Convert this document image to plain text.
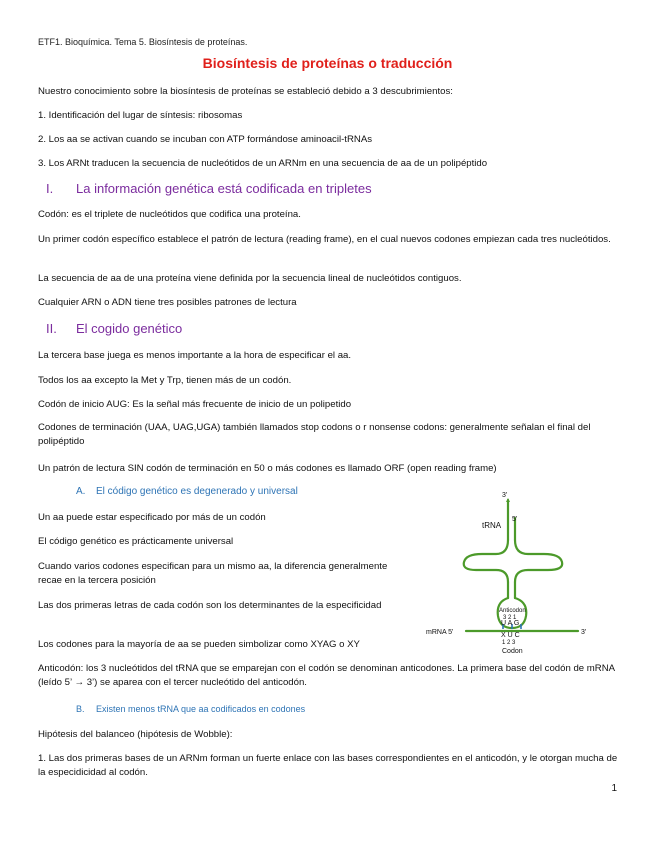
ETF1. Bioquímica. Tema 5. Biosíntesis de proteínas.
Biosíntesis de proteínas o traducción

Nuestro conocimiento sobre la biosíntesis de proteínas se estableció debido a 3 descubrimientos:

1. Identificación del lugar de síntesis: ribosomas

2. Los aa se activan cuando se incuban con ATP formándose aminoacil-tRNAs

3. Los ARNt traducen la secuencia de nucleótidos de un ARNm en una secuencia de aa de un polipéptido

I. La información genética está codificada en tripletes

Codón: es el triplete de nucleótidos que codifica una proteína.

Un primer codón específico establece el patrón de lectura (reading frame), en el cual nuevos codones empiezan cada tres nucleótidos.

La secuencia de aa de una proteína viene definida por la secuencia lineal de nucleótidos contiguos.

Cualquier ARN o ADN tiene tres posibles patrones de lectura

II. El cogido genético

La tercera base juega es menos importante a la hora de especificar el aa.

Todos los aa excepto la Met y Trp, tienen más de un codón.

Codón de inicio AUG: Es la señal más frecuente de inicio de un polipetido

Codones de terminación (UAA, UAG,UGA) también llamados stop codons o r nonsense codons: generalmente señalan el final del polipéptido

Un patrón de lectura SIN codón de terminación en 50 o más codones es llamado ORF (open reading frame)

A. El código genético es degenerado y universal

Un aa puede estar especificado por más de un codón

El código genético es prácticamente universal

Cuando varios codones especifican para un mismo aa, la diferencia generalmente recae en la tercera posición

Las dos primeras letras de cada codón son los determinantes de la especificidad

Los codones para la mayoría de aa se pueden simbolizar como XYAG o XY

Anticodón: los 3 nucleótidos del tRNA que se emparejan con el codón se denominan anticodones. La primera base del codón de mRNA (leído 5’ → 3’) se aparea con el tercer nucleótido del anticodón.

B. Existen menos tRNA que aa codificados en codones

Hipótesis del balanceo (hipótesis de Wobble):

1. Las dos primeras bases de un ARNm forman un fuerte enlace con las bases correspondientes en el anticodón, y le otorgan mucha de la especidicidad al codón.

1
3'
5'
tRNA
Anticodon
3 2 1
U A G
X U C
1 2 3
Codon
mRNA 5'	3'
